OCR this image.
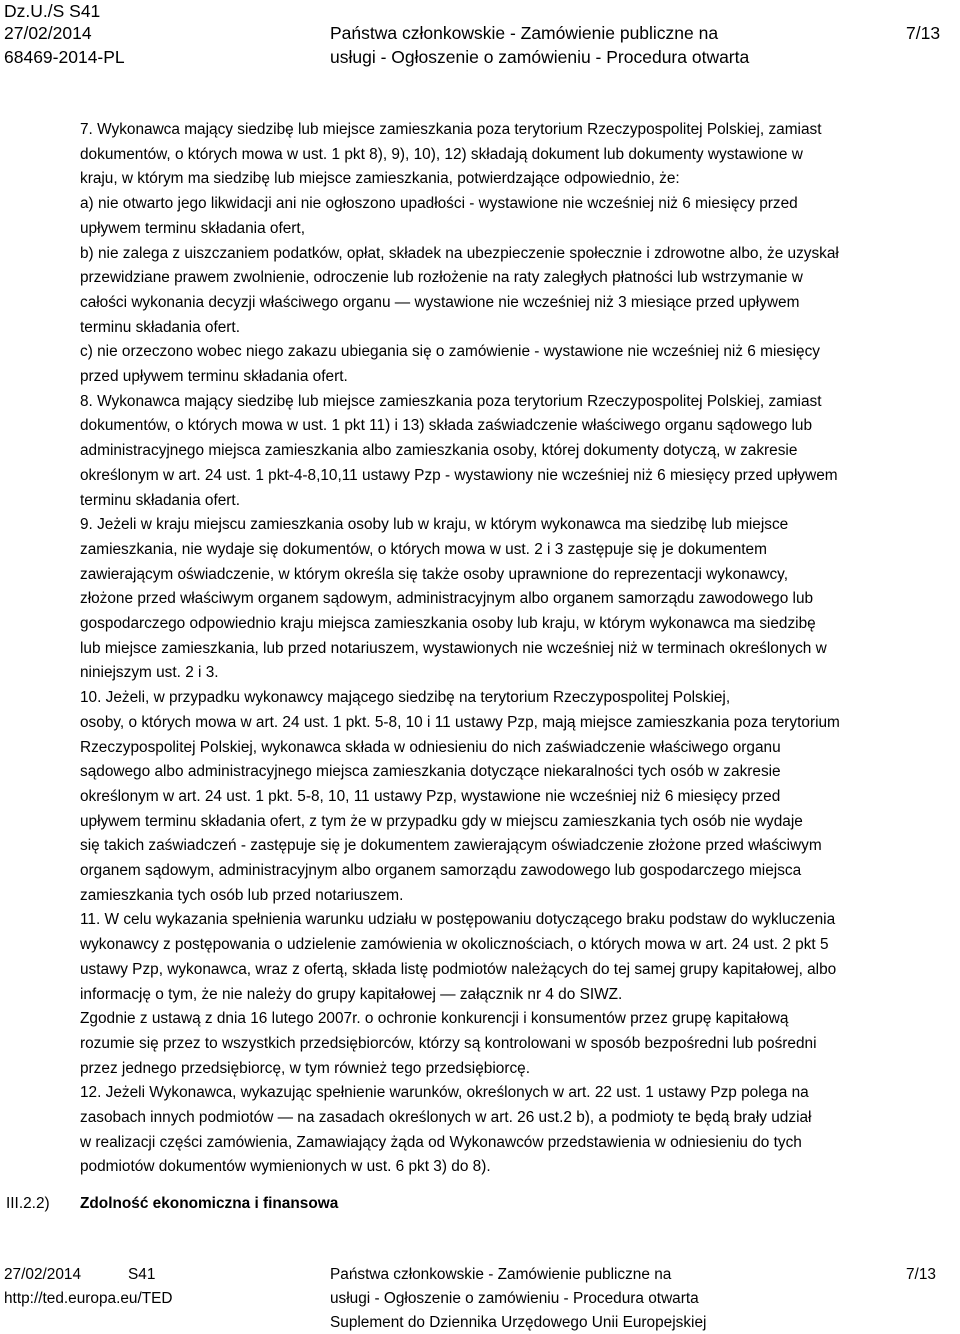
Dz.U./S S41
27/02/2014
68469-2014-PL
Państwa członkowskie - Zamówienie publiczne na
usługi - Ogłoszenie o zamówieniu - Procedura otwarta
7/13
7. Wykonawca mający siedzibę lub miejsce zamieszkania poza terytorium Rzeczypospolitej Polskiej, zamiast
dokumentów, o których mowa w ust. 1 pkt 8), 9), 10), 12) składają dokument lub dokumenty wystawione w
kraju, w którym ma siedzibę lub miejsce zamieszkania, potwierdzające odpowiednio, że:
a) nie otwarto jego likwidacji ani nie ogłoszono upadłości - wystawione nie wcześniej niż 6 miesięcy przed
upływem terminu składania ofert,
b) nie zalega z uiszczaniem podatków, opłat, składek na ubezpieczenie społecznie i zdrowotne albo, że uzyskał
przewidziane prawem zwolnienie, odroczenie lub rozłożenie na raty zaległych płatności lub wstrzymanie w
całości wykonania decyzji właściwego organu — wystawione nie wcześniej niż 3 miesiące przed upływem
terminu składania ofert.
c) nie orzeczono wobec niego zakazu ubiegania się o zamówienie - wystawione nie wcześniej niż 6 miesięcy
przed upływem terminu składania ofert.
8. Wykonawca mający siedzibę lub miejsce zamieszkania poza terytorium Rzeczypospolitej Polskiej, zamiast
dokumentów, o których mowa w ust. 1 pkt 11) i 13) składa zaświadczenie właściwego organu sądowego lub
administracyjnego miejsca zamieszkania albo zamieszkania osoby, której dokumenty dotyczą, w zakresie
określonym w art. 24 ust. 1 pkt-4-8,10,11 ustawy Pzp - wystawiony nie wcześniej niż 6 miesięcy przed upływem
terminu składania ofert.
9. Jeżeli w kraju miejscu zamieszkania osoby lub w kraju, w którym wykonawca ma siedzibę lub miejsce
zamieszkania, nie wydaje się dokumentów, o których mowa w ust. 2 i 3 zastępuje się je dokumentem
zawierającym oświadczenie, w którym określa się także osoby uprawnione do reprezentacji wykonawcy,
złożone przed właściwym organem sądowym, administracyjnym albo organem samorządu zawodowego lub
gospodarczego odpowiednio kraju miejsca zamieszkania osoby lub kraju, w którym wykonawca ma siedzibę
lub miejsce zamieszkania, lub przed notariuszem, wystawionych nie wcześniej niż w terminach określonych w
niniejszym ust. 2 i 3.
10. Jeżeli, w przypadku wykonawcy mającego siedzibę na terytorium Rzeczypospolitej Polskiej,
osoby, o których mowa w art. 24 ust. 1 pkt. 5-8, 10 i 11 ustawy Pzp, mają miejsce zamieszkania poza terytorium
Rzeczypospolitej Polskiej, wykonawca składa w odniesieniu do nich zaświadczenie właściwego organu
sądowego albo administracyjnego miejsca zamieszkania dotyczące niekaralności tych osób w zakresie
określonym w art. 24 ust. 1 pkt. 5-8, 10, 11 ustawy Pzp, wystawione nie wcześniej niż 6 miesięcy przed
upływem terminu składania ofert, z tym że w przypadku gdy w miejscu zamieszkania tych osób nie wydaje
się takich zaświadczeń - zastępuje się je dokumentem zawierającym oświadczenie złożone przed właściwym
organem sądowym, administracyjnym albo organem samorządu zawodowego lub gospodarczego miejsca
zamieszkania tych osób lub przed notariuszem.
11. W celu wykazania spełnienia warunku udziału w postępowaniu dotyczącego braku podstaw do wykluczenia
wykonawcy z postępowania o udzielenie zamówienia w okolicznościach, o których mowa w art. 24 ust. 2 pkt 5
ustawy Pzp, wykonawca, wraz z ofertą, składa listę podmiotów należących do tej samej grupy kapitałowej, albo
informację o tym, że nie należy do grupy kapitałowej — załącznik nr 4 do SIWZ.
Zgodnie z ustawą z dnia 16 lutego 2007r. o ochronie konkurencji i konsumentów przez grupę kapitałową
rozumie się przez to wszystkich przedsiębiorców, którzy są kontrolowani w sposób bezpośredni lub pośredni
przez jednego przedsiębiorcę, w tym również tego przedsiębiorcę.
12. Jeżeli Wykonawca, wykazując spełnienie warunków, określonych w art. 22 ust. 1 ustawy Pzp polega na
zasobach innych podmiotów — na zasadach określonych w art. 26 ust.2 b), a podmioty te będą brały udział
w realizacji części zamówienia, Zamawiający żąda od Wykonawców przedstawienia w odniesieniu do tych
podmiotów dokumentów wymienionych w ust. 6 pkt 3) do 8).
III.2.2) Zdolność ekonomiczna i finansowa
27/02/2014	S41
http://ted.europa.eu/TED
Państwa członkowskie - Zamówienie publiczne na
usługi - Ogłoszenie o zamówieniu - Procedura otwarta
Suplement do Dziennika Urzędowego Unii Europejskiej
7/13
